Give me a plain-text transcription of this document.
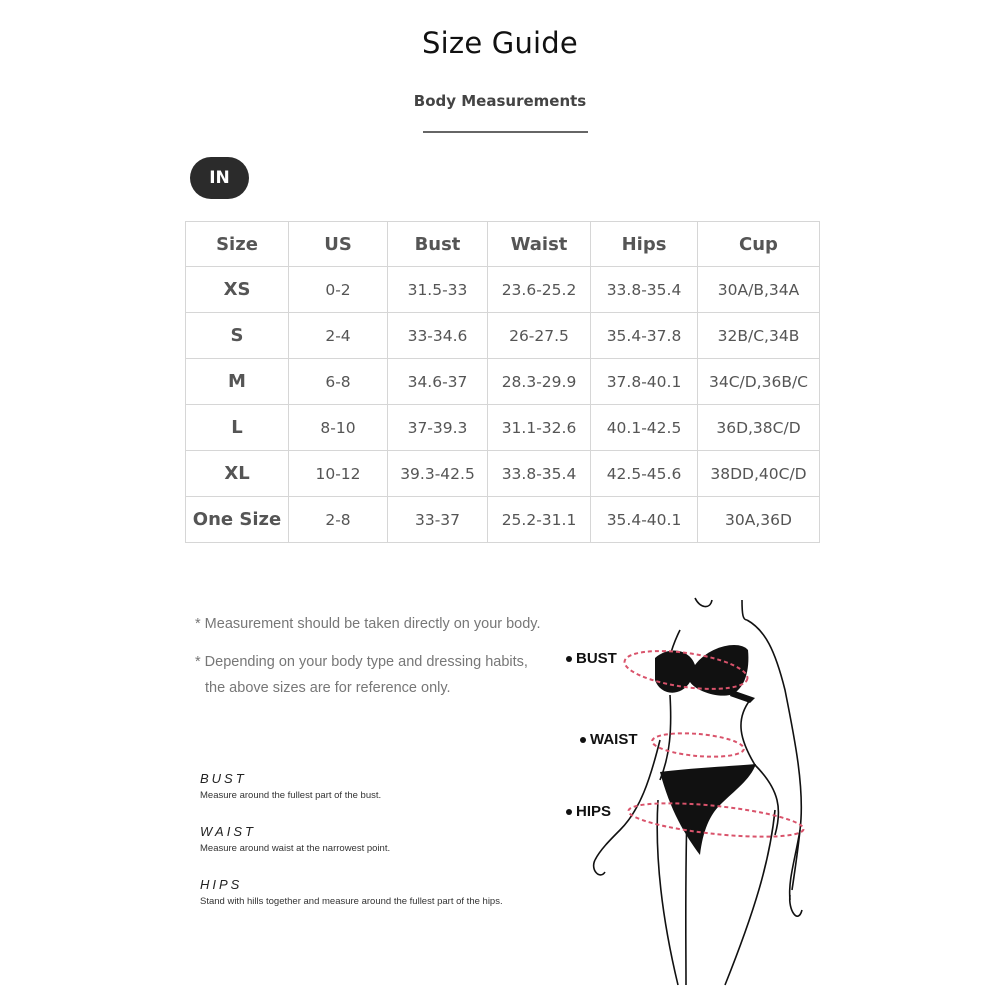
Size Guide
Body Measurements
IN
Size	US	Bust	Waist	Hips	Cup
XS	0-2	31.5-33	23.6-25.2	33.8-35.4	30A/B,34A
S	2-4	33-34.6	26-27.5	35.4-37.8	32B/C,34B
M	6-8	34.6-37	28.3-29.9	37.8-40.1	34C/D,36B/C
L	8-10	37-39.3	31.1-32.6	40.1-42.5	36D,38C/D
XL	10-12	39.3-42.5	33.8-35.4	42.5-45.6	38DD,40C/D
One Size	2-8	33-37	25.2-31.1	35.4-40.1	30A,36D
* Measurement should be taken directly on your body.
* Depending on your body type and dressing habits,
the above sizes are for reference only.
BUST
Measure around the fullest part of the bust.
WAIST
Measure around waist at the narrowest point.
HIPS
Stand with hills together and measure around the fullest part of the hips.
BUST
WAIST
HIPS
